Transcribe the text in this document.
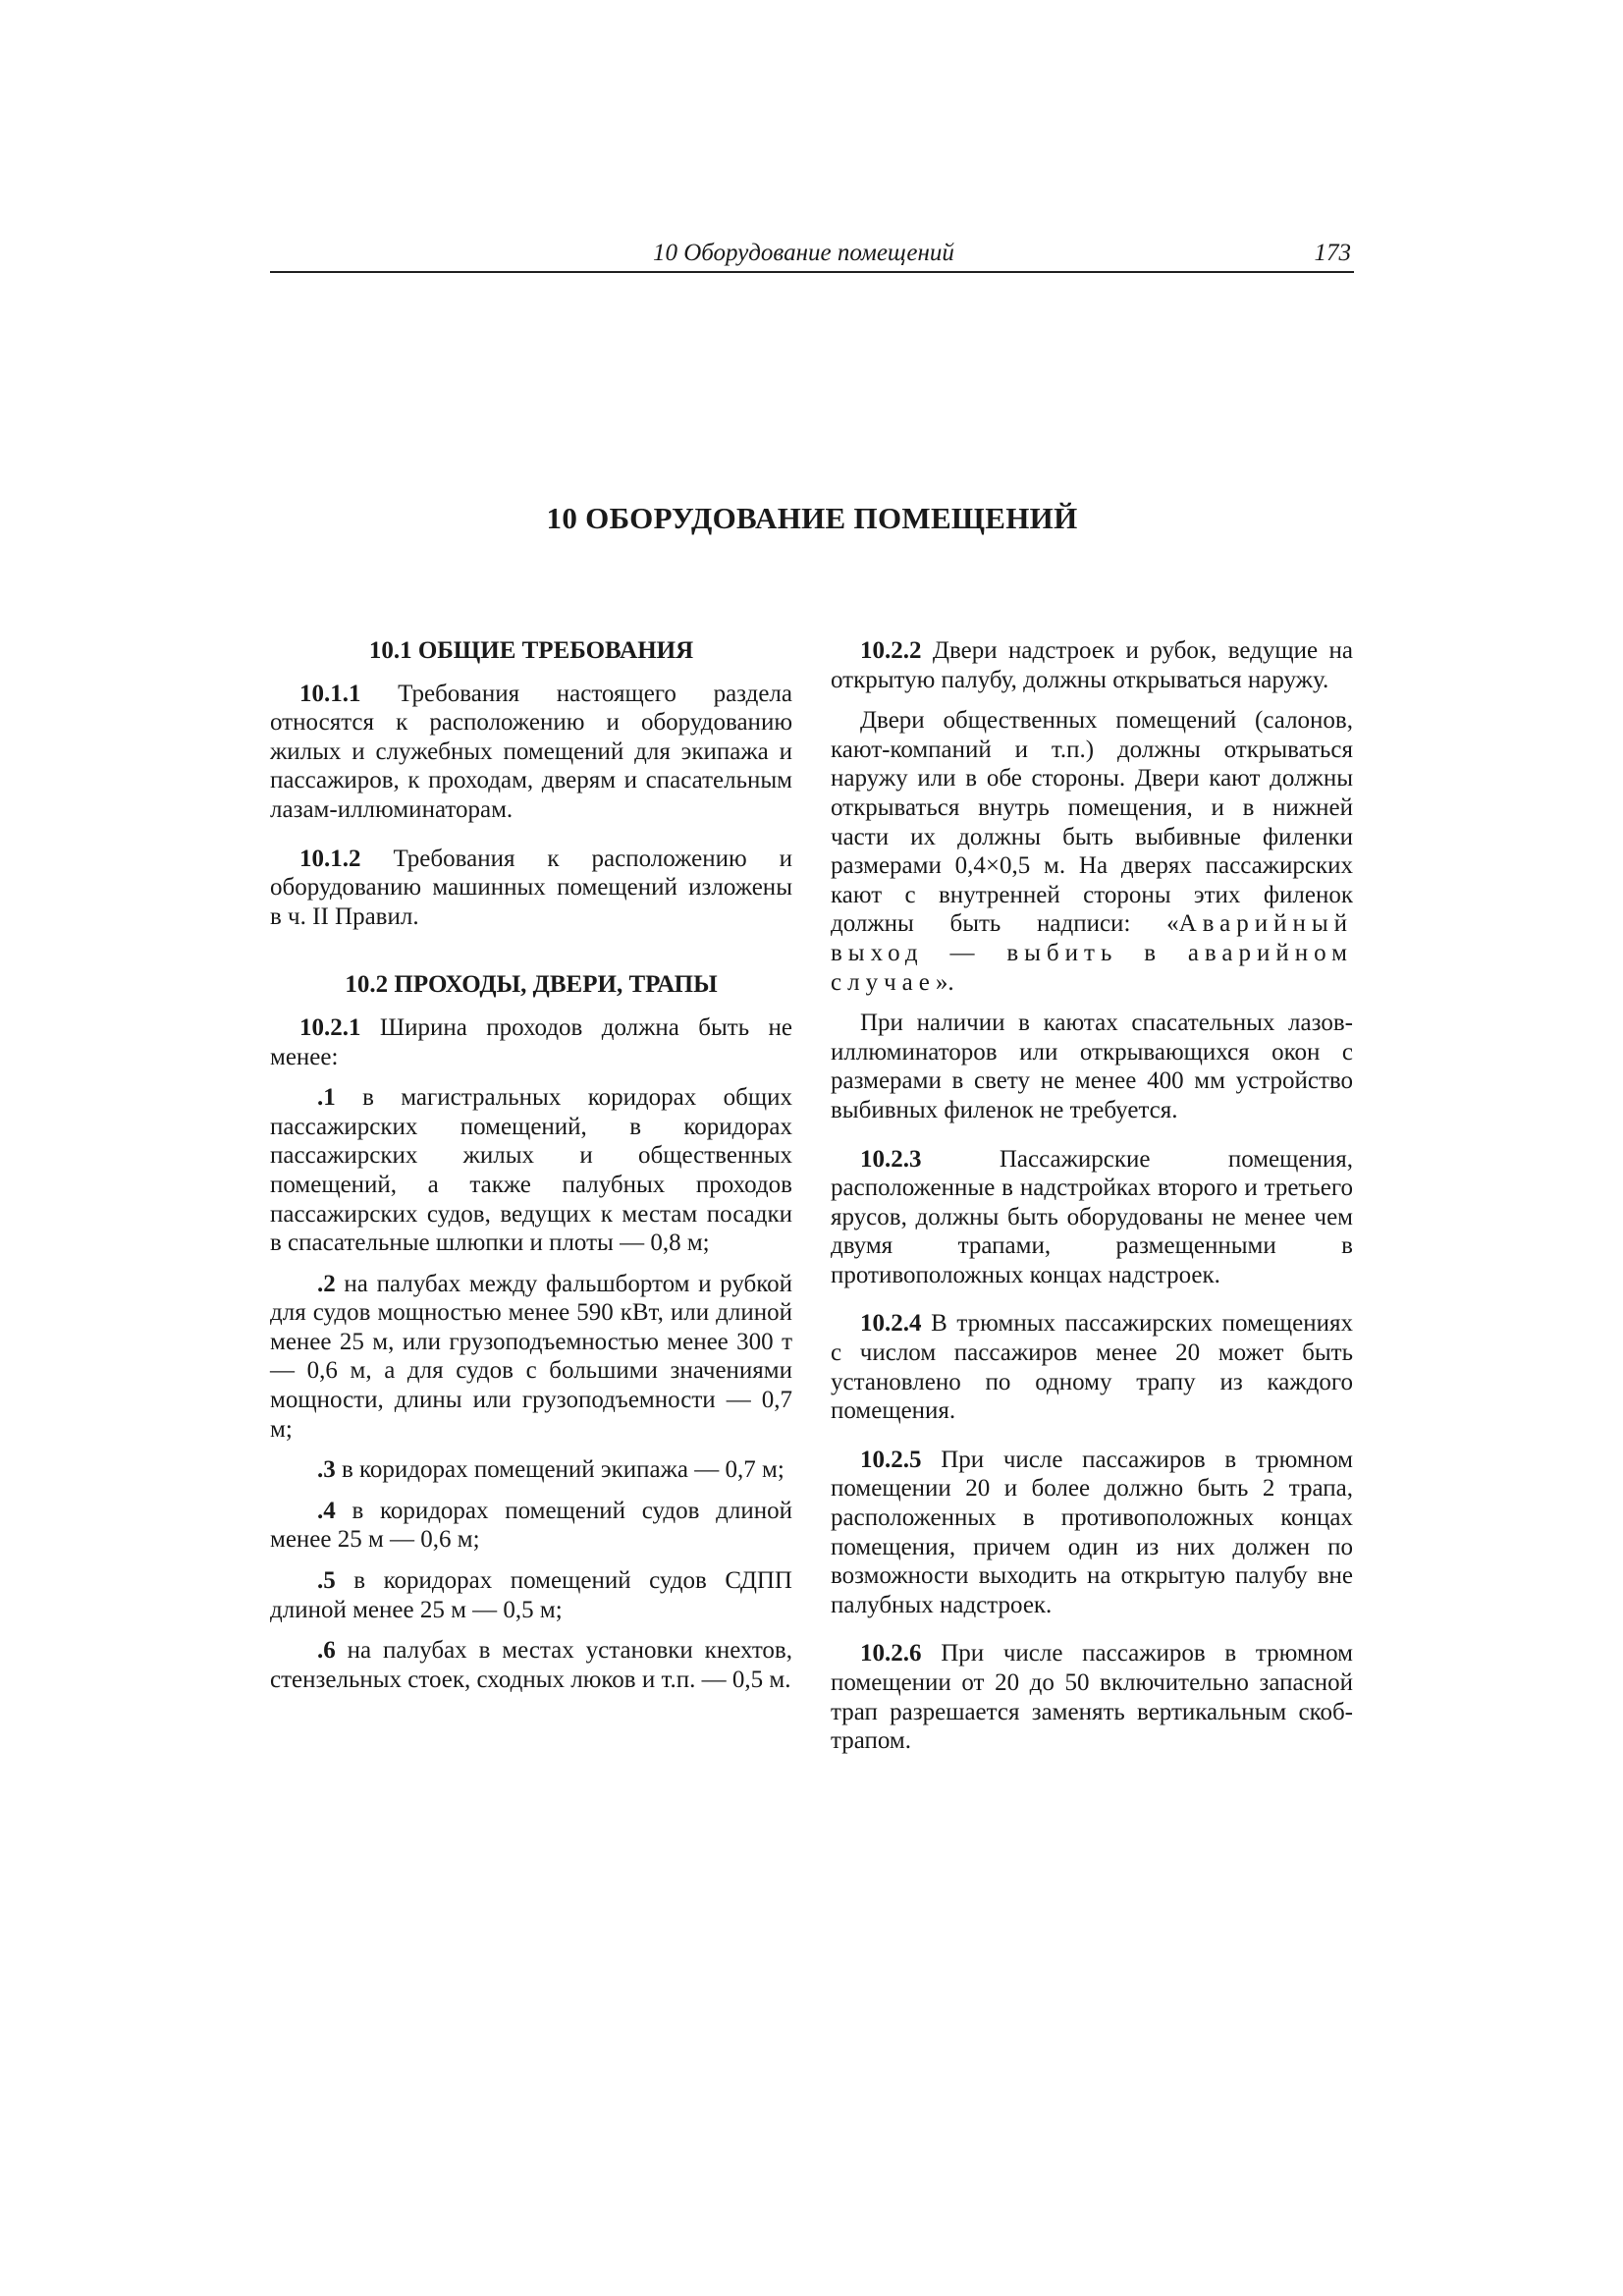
10 Оборудование помещений	173
10 ОБОРУДОВАНИЕ ПОМЕЩЕНИЙ
10.1 ОБЩИЕ ТРЕБОВАНИЯ

10.1.1 Требования настоящего раздела относятся к расположению и оборудованию жилых и служебных помещений для экипажа и пассажиров, к проходам, дверям и спасательным лазам-иллюминаторам.

10.1.2 Требования к расположению и оборудованию машинных помещений изложены в ч. II Правил.

10.2 ПРОХОДЫ, ДВЕРИ, ТРАПЫ

10.2.1 Ширина проходов должна быть не менее:

.1 в магистральных коридорах общих пассажирских помещений, в коридорах пассажирских жилых и общественных помещений, а также палубных проходов пассажирских судов, ведущих к местам посадки в спасательные шлюпки и плоты — 0,8 м;

.2 на палубах между фальшбортом и рубкой для судов мощностью менее 590 кВт, или длиной менее 25 м, или грузоподъемностью менее 300 т — 0,6 м, а для судов с большими значениями мощности, длины или грузоподъемности — 0,7 м;

.3 в коридорах помещений экипажа — 0,7 м;

.4 в коридорах помещений судов длиной менее 25 м — 0,6 м;

.5 в коридорах помещений судов СДПП длиной менее 25 м — 0,5 м;

.6 на палубах в местах установки кнехтов, стензельных стоек, сходных люков и т.п. — 0,5 м.

10.2.2 Двери надстроек и рубок, ведущие на открытую палубу, должны открываться наружу.

Двери общественных помещений (салонов, кают-компаний и т.п.) должны открываться наружу или в обе стороны. Двери кают должны открываться внутрь помещения, и в нижней части их должны быть выбивные филенки размерами 0,4×0,5 м. На дверях пассажирских кают с внутренней стороны этих филенок должны быть надписи: «Аварийный выход — выбить в аварийном случае».

При наличии в каютах спасательных лазов-иллюминаторов или открывающихся окон с размерами в свету не менее 400 мм устройство выбивных филенок не требуется.

10.2.3 Пассажирские помещения, расположенные в надстройках второго и третьего ярусов, должны быть оборудованы не менее чем двумя трапами, размещенными в противоположных концах надстроек.

10.2.4 В трюмных пассажирских помещениях с числом пассажиров менее 20 может быть установлено по одному трапу из каждого помещения.

10.2.5 При числе пассажиров в трюмном помещении 20 и более должно быть 2 трапа, расположенных в противоположных концах помещения, причем один из них должен по возможности выходить на открытую палубу вне палубных надстроек.

10.2.6 При числе пассажиров в трюмном помещении от 20 до 50 включительно запасной трап разрешается заменять вертикальным скоб-трапом.
